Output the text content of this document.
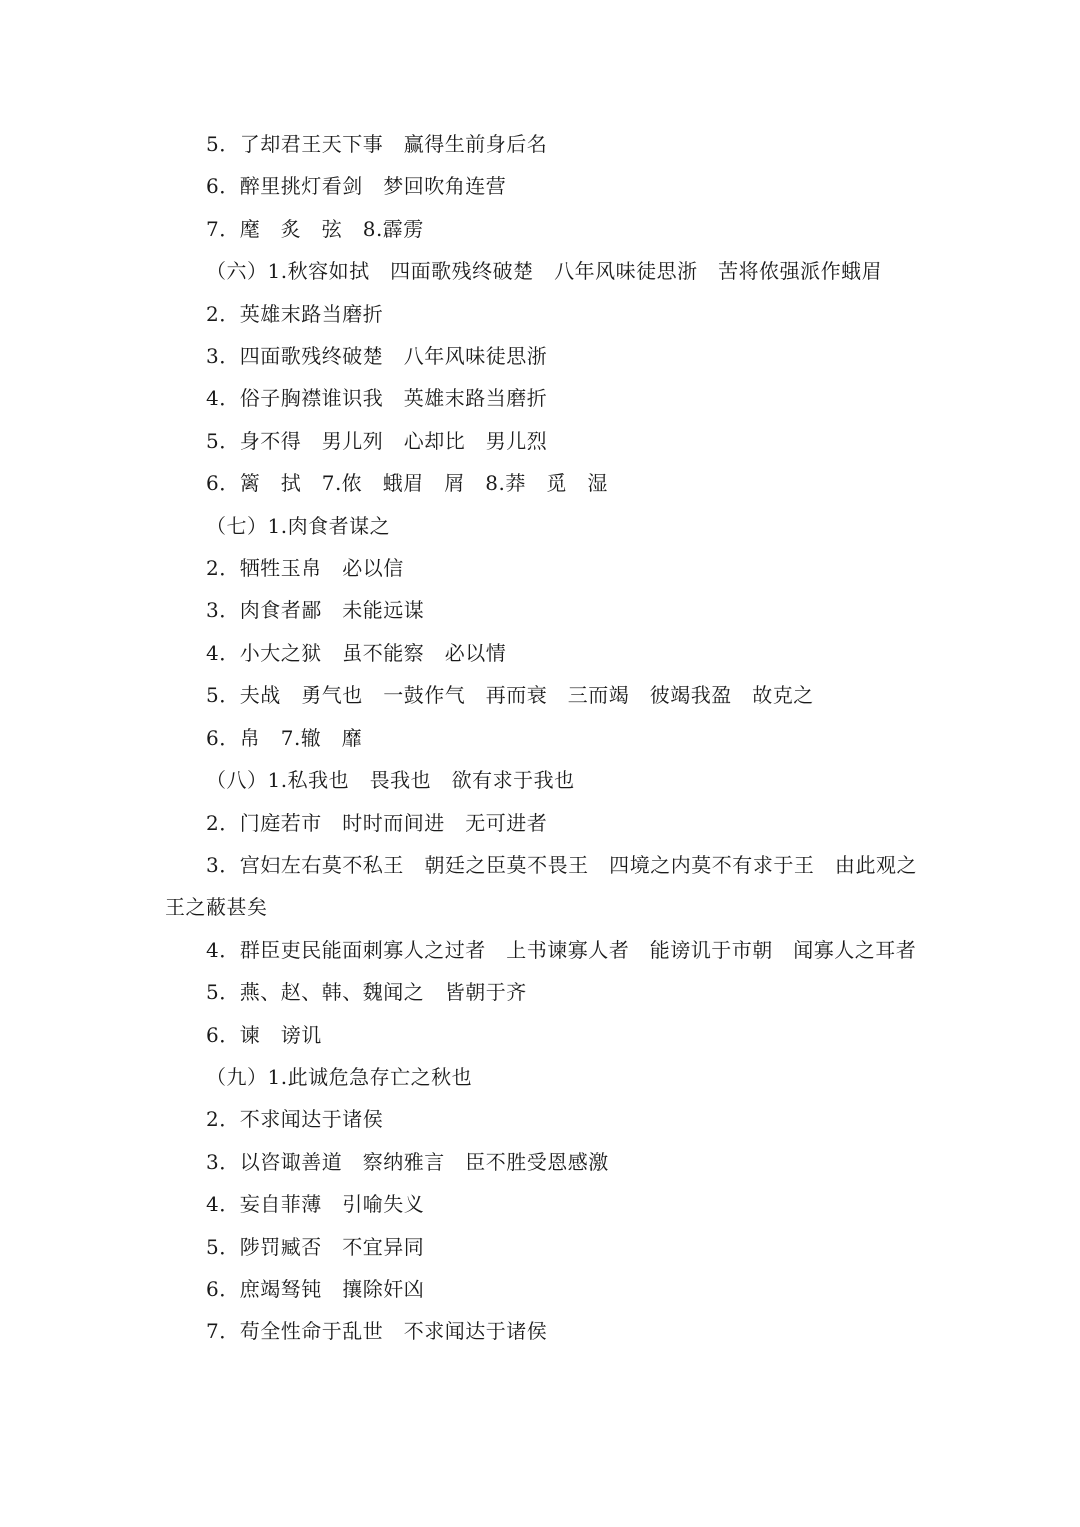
5．了却君王天下事　赢得生前身后名
6．醉里挑灯看剑　梦回吹角连营
7．麾　炙　弦　8.霹雳
（六）1.秋容如拭　四面歌残终破楚　八年风味徒思浙　苦将侬强派作蛾眉
2．英雄末路当磨折
3．四面歌残终破楚　八年风味徒思浙
4．俗子胸襟谁识我　英雄末路当磨折
5．身不得　男儿列　心却比　男儿烈
6．篱　拭　7.侬　蛾眉　屑　8.莽　觅　湿
（七）1.肉食者谋之
2．牺牲玉帛　必以信
3．肉食者鄙　未能远谋
4．小大之狱　虽不能察　必以情
5．夫战　勇气也　一鼓作气　再而衰　三而竭　彼竭我盈　故克之
6．帛　7.辙　靡
（八）1.私我也　畏我也　欲有求于我也
2．门庭若市　时时而间进　无可进者
3．宫妇左右莫不私王　朝廷之臣莫不畏王　四境之内莫不有求于王　由此观之　王之蔽甚矣
4．群臣吏民能面刺寡人之过者　上书谏寡人者　能谤讥于市朝　闻寡人之耳者
5．燕、赵、韩、魏闻之　皆朝于齐
6．谏　谤讥
（九）1.此诚危急存亡之秋也
2．不求闻达于诸侯
3．以咨诹善道　察纳雅言　臣不胜受恩感激
4．妄自菲薄　引喻失义
5．陟罚臧否　不宜异同
6．庶竭驽钝　攘除奸凶
7．苟全性命于乱世　不求闻达于诸侯
